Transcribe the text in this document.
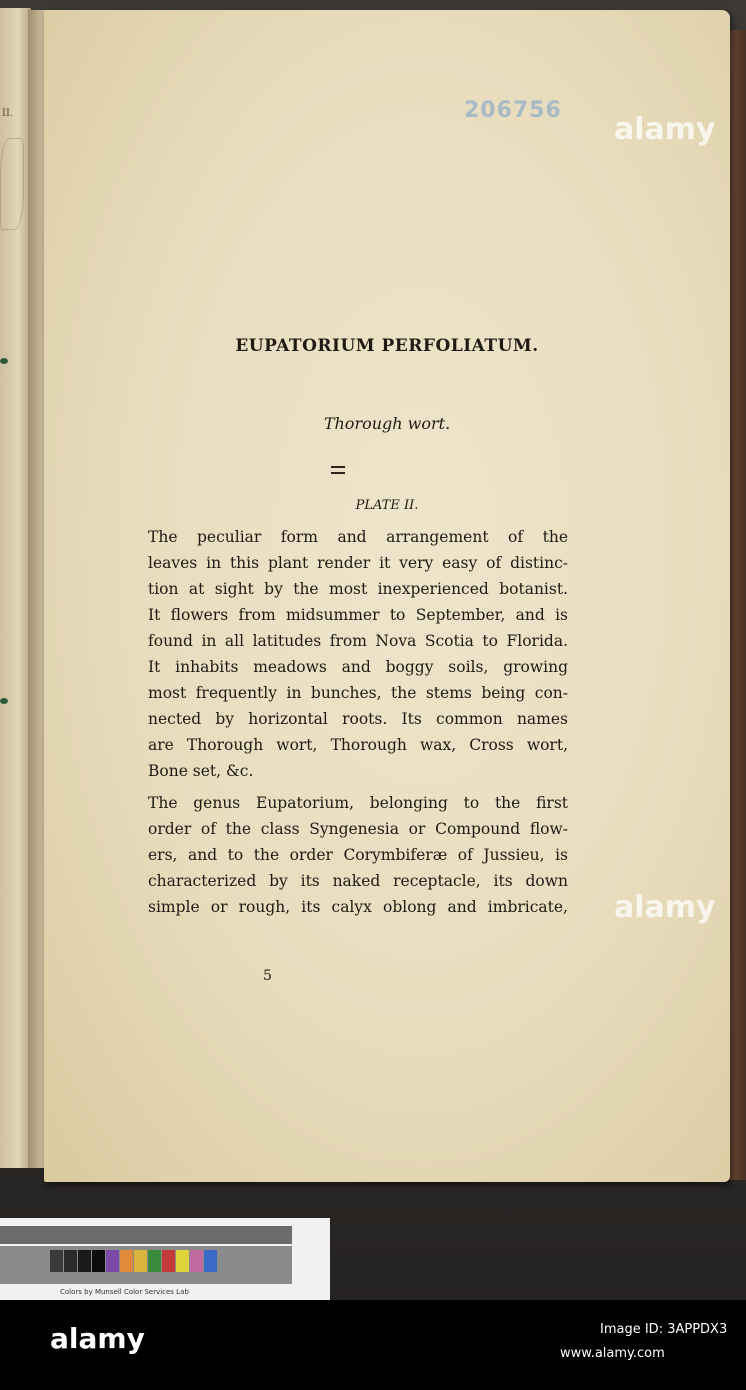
II.	206756
alamy
EUPATORIUM PERFOLIATUM.
Thorough wort.
PLATE II.
The peculiar form and arrangement of the
leaves in this plant render it very easy of distinc-
tion at sight by the most inexperienced botanist.
It flowers from midsummer to September, and is
found in all latitudes from Nova Scotia to Florida.
It inhabits meadows and boggy soils, growing
most frequently in bunches, the stems being con-
nected by horizontal roots. Its common names
are Thorough wort, Thorough wax, Cross wort,
Bone set, &c.
The genus Eupatorium, belonging to the first
order of the class Syngenesia or Compound flow-
ers, and to the order Corymbiferæ of Jussieu, is
characterized by its naked receptacle, its down
simple or rough, its calyx oblong and imbricate, alamy
5
Colors by Munsell Color Services Lab
alamy	Image ID: 3APPDX3
www.alamy.com
